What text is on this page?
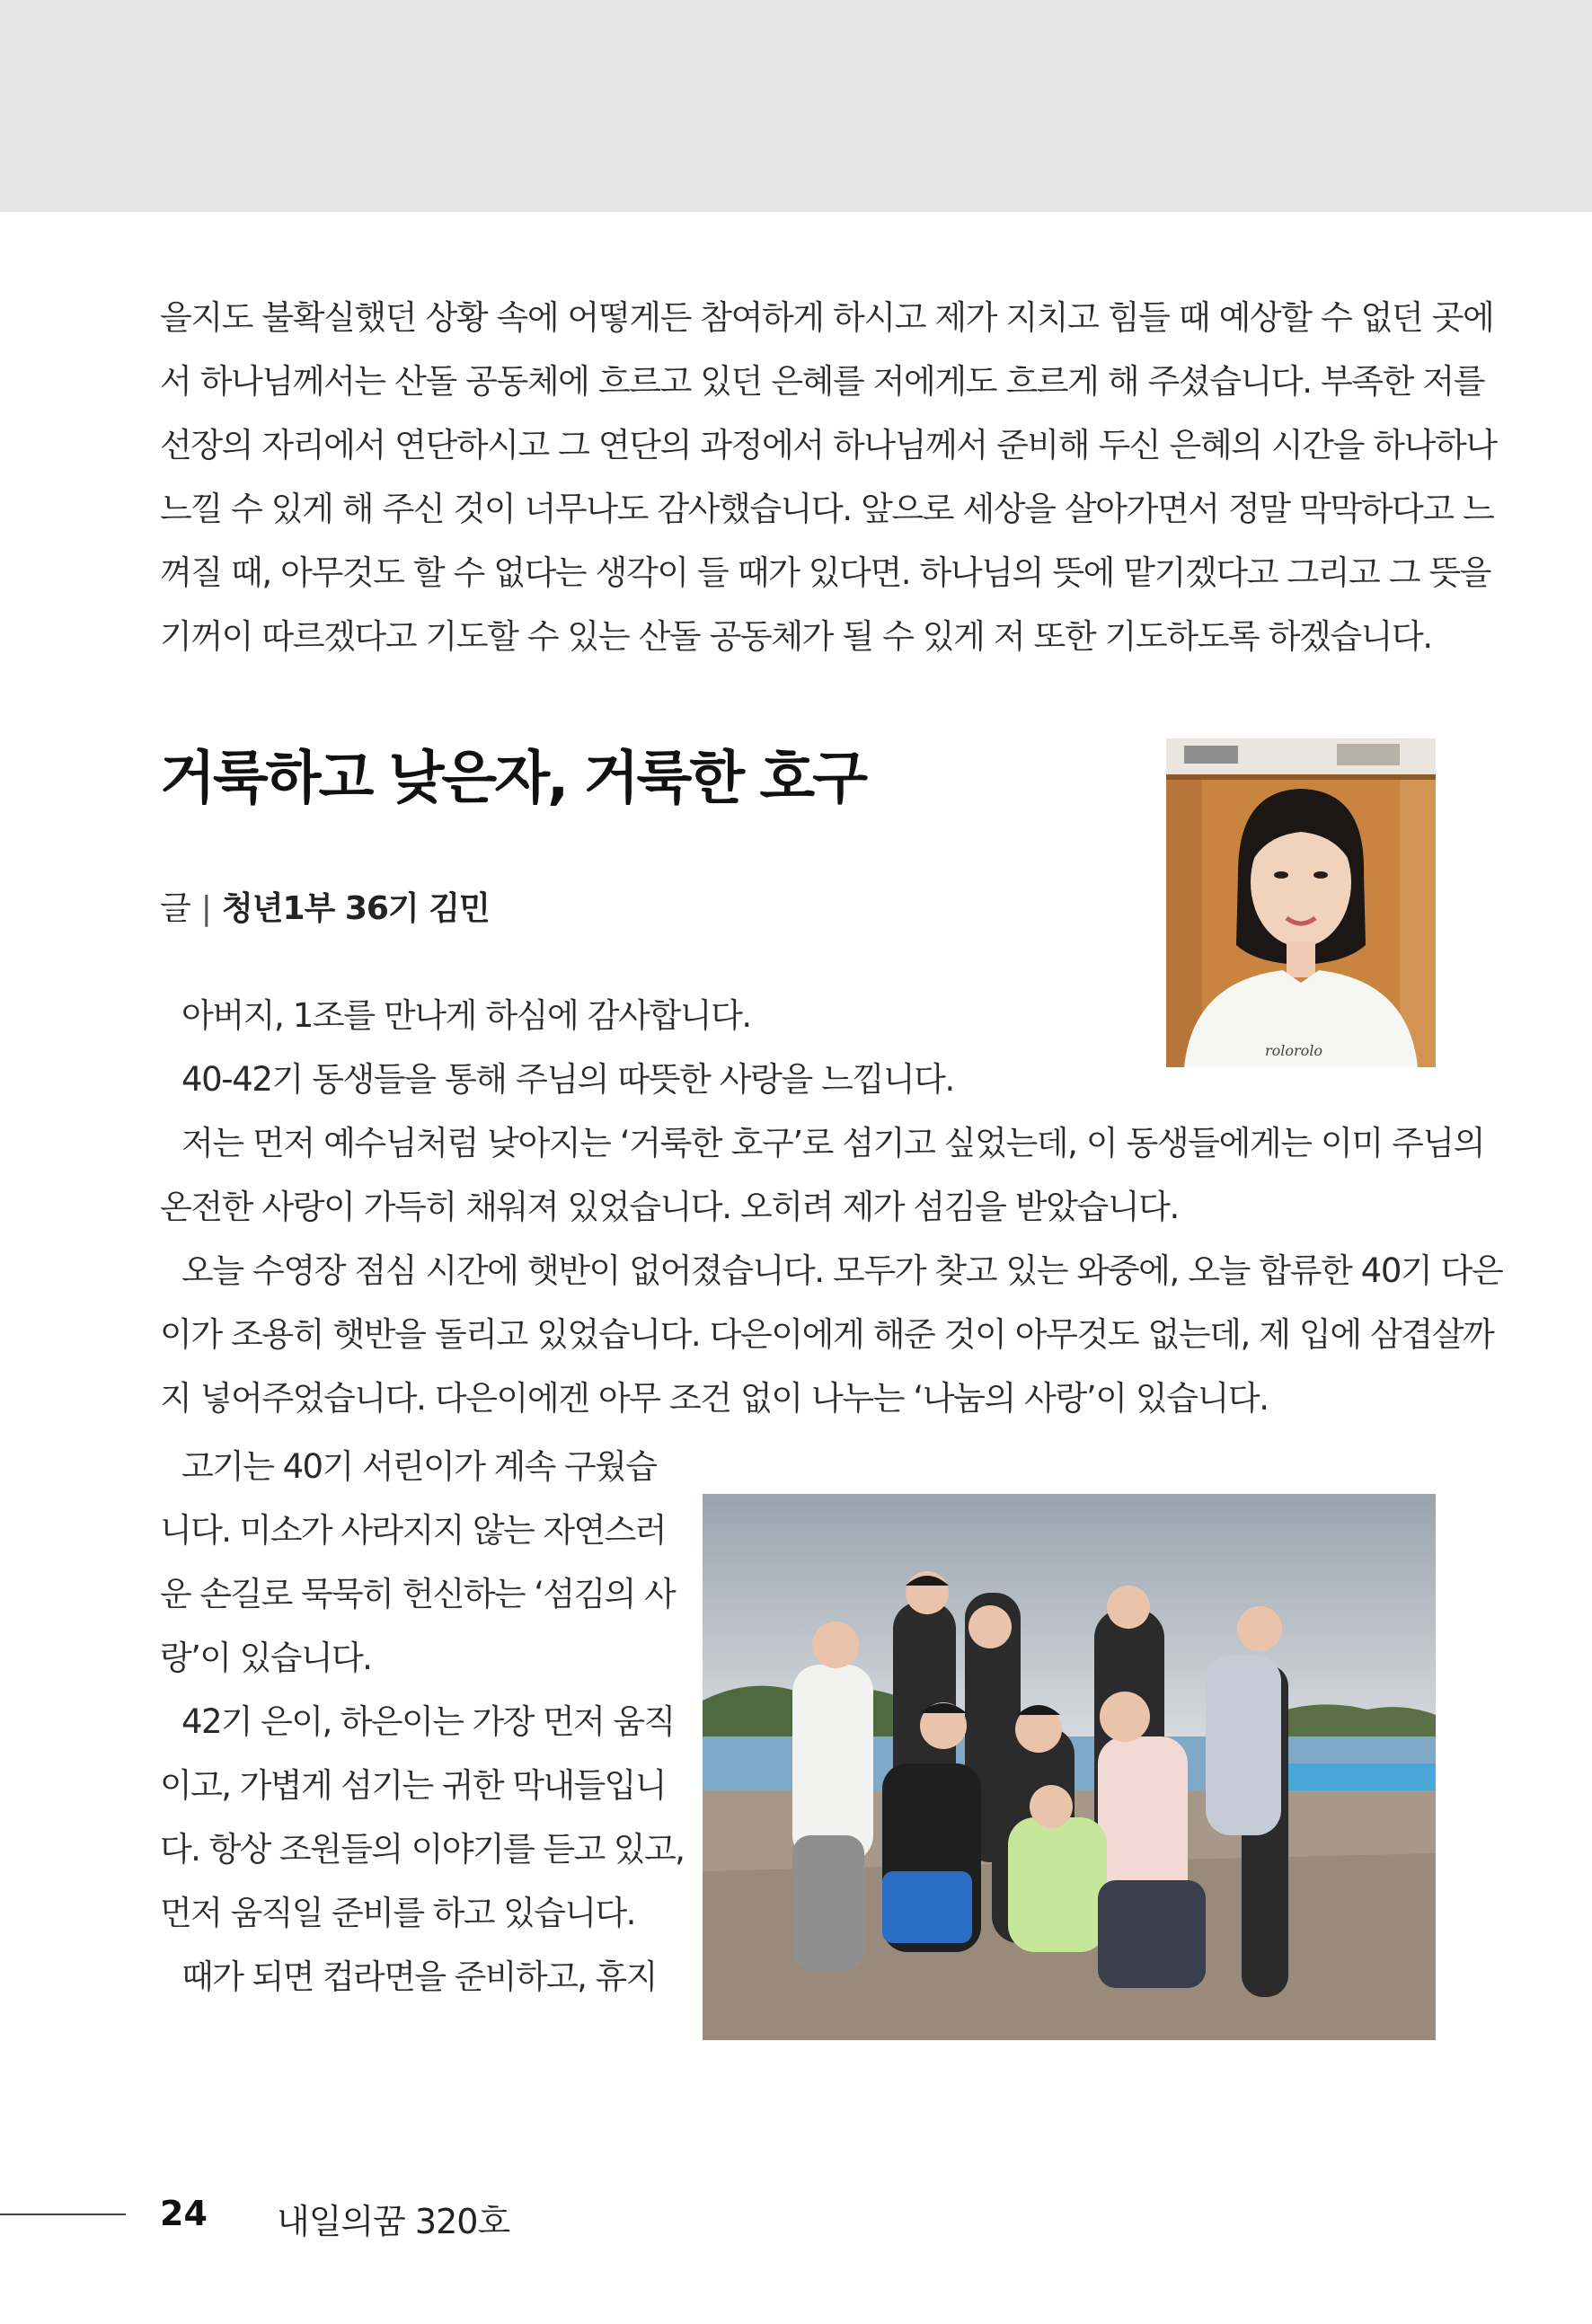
을지도 불확실했던 상황 속에 어떻게든 참여하게 하시고 제가 지치고 힘들 때 예상할 수 없던 곳에
서 하나님께서는 산돌 공동체에 흐르고 있던 은혜를 저에게도 흐르게 해 주셨습니다. 부족한 저를
선장의 자리에서 연단하시고 그 연단의 과정에서 하나님께서 준비해 두신 은혜의 시간을 하나하나
느낄 수 있게 해 주신 것이 너무나도 감사했습니다. 앞으로 세상을 살아가면서 정말 막막하다고 느
껴질 때, 아무것도 할 수 없다는 생각이 들 때가 있다면. 하나님의 뜻에 맡기겠다고 그리고 그 뜻을
기꺼이 따르겠다고 기도할 수 있는 산돌 공동체가 될 수 있게 저 또한 기도하도록 하겠습니다.

거룩하고 낮은자, 거룩한 호구

글 | 청년1부 36기 김민

rolorolo

아버지, 1조를 만나게 하심에 감사합니다.
40-42기 동생들을 통해 주님의 따뜻한 사랑을 느낍니다.
저는 먼저 예수님처럼 낮아지는 ‘거룩한 호구’로 섬기고 싶었는데, 이 동생들에게는 이미 주님의
온전한 사랑이 가득히 채워져 있었습니다. 오히려 제가 섬김을 받았습니다.
오늘 수영장 점심 시간에 햇반이 없어졌습니다. 모두가 찾고 있는 와중에, 오늘 합류한 40기 다은
이가 조용히 햇반을 돌리고 있었습니다. 다은이에게 해준 것이 아무것도 없는데, 제 입에 삼겹살까
지 넣어주었습니다. 다은이에겐 아무 조건 없이 나누는 ‘나눔의 사랑’이 있습니다.

고기는 40기 서린이가 계속 구웠습
니다. 미소가 사라지지 않는 자연스러
운 손길로 묵묵히 헌신하는 ‘섬김의 사
랑’이 있습니다.
42기 은이, 하은이는 가장 먼저 움직
이고, 가볍게 섬기는 귀한 막내들입니
다. 항상 조원들의 이야기를 듣고 있고,
먼저 움직일 준비를 하고 있습니다.
때가 되면 컵라면을 준비하고, 휴지

24 내일의꿈 320호
